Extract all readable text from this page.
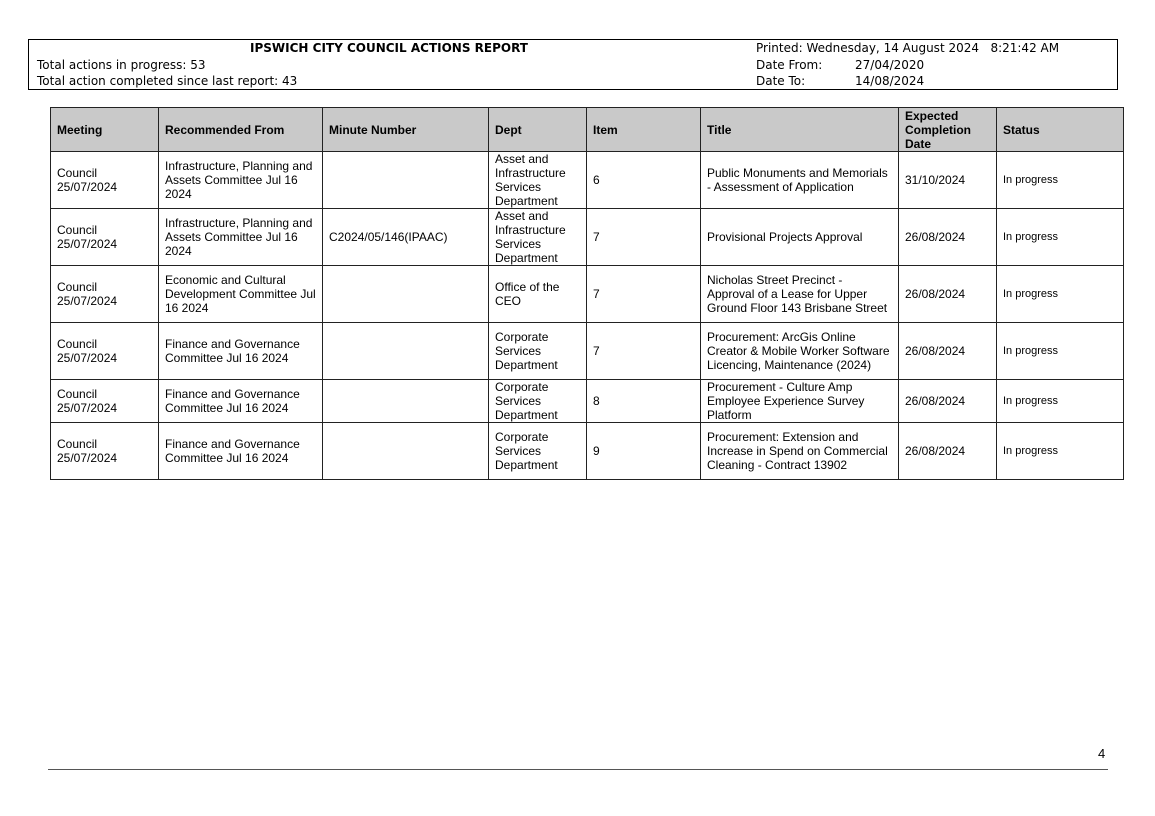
IPSWICH CITY COUNCIL ACTIONS REPORT
Total actions in progress: 53
Total action completed since last report: 43
Printed: Wednesday, 14 August 2024   8:21:42 AM
Date From:	27/04/2020
Date To:	14/08/2024
Meeting	Recommended From	Minute Number	Dept	Item	Title	Expected Completion Date	Status
Council 25/07/2024	Infrastructure, Planning and Assets Committee Jul 16 2024		Asset and Infrastructure Services Department	6	Public Monuments and Memorials - Assessment of Application	31/10/2024	In progress
Council 25/07/2024	Infrastructure, Planning and Assets Committee Jul 16 2024	C2024/05/146(IPAAC)	Asset and Infrastructure Services Department	7	Provisional Projects Approval	26/08/2024	In progress
Council 25/07/2024	Economic and Cultural Development Committee Jul 16 2024		Office of the CEO	7	Nicholas Street Precinct - Approval of a Lease for Upper Ground Floor 143 Brisbane Street	26/08/2024	In progress
Council 25/07/2024	Finance and Governance Committee Jul 16 2024		Corporate Services Department	7	Procurement: ArcGis Online Creator & Mobile Worker Software Licencing, Maintenance (2024)	26/08/2024	In progress
Council 25/07/2024	Finance and Governance Committee Jul 16 2024		Corporate Services Department	8	Procurement - Culture Amp Employee Experience Survey Platform	26/08/2024	In progress
Council 25/07/2024	Finance and Governance Committee Jul 16 2024		Corporate Services Department	9	Procurement: Extension and Increase in Spend on Commercial Cleaning - Contract 13902	26/08/2024	In progress
4
